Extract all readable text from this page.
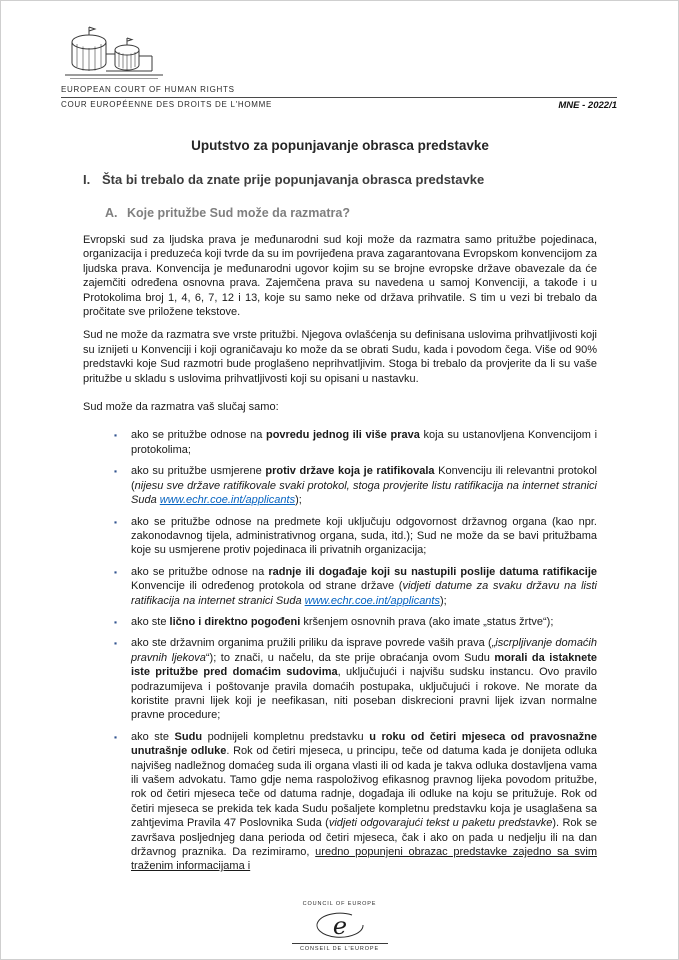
EUROPEAN COURT OF HUMAN RIGHTS
COUR EUROPÉENNE DES DROITS DE L'HOMME	MNE - 2022/1
Uputstvo za popunjavanje obrasca predstavke
I. Šta bi trebalo da znate prije popunjavanja obrasca predstavke
A. Koje pritužbe Sud može da razmatra?

Evropski sud za ljudska prava je međunarodni sud koji može da razmatra samo pritužbe pojedinaca, organizacija i preduzeća koji tvrde da su im povrijeđena prava zagarantovana Evropskom konvencijom za ljudska prava. Konvencija je međunarodni ugovor kojim su se brojne evropske države obavezale da će zajemčiti određena osnovna prava. Zajemčena prava su navedena u samoj Konvenciji, a takođe i u Protokolima broj 1, 4, 6, 7, 12 i 13, koje su samo neke od država prihvatile. S tim u vezi bi trebalo da pročitate sve priložene tekstove.

Sud ne može da razmatra sve vrste pritužbi. Njegova ovlašćenja su definisana uslovima prihvatljivosti koji su iznijeti u Konvenciji i koji ograničavaju ko može da se obrati Sudu, kada i povodom čega. Više od 90% predstavki koje Sud razmotri bude proglašeno neprihvatljivim. Stoga bi trebalo da provjerite da li su vaše pritužbe u skladu s uslovima prihvatljivosti koji su opisani u nastavku.

Sud može da razmatra vaš slučaj samo:

▪	ako se pritužbe odnose na povredu jednog ili više prava koja su ustanovljena Konvencijom i protokolima;
▪	ako su pritužbe usmjerene protiv države koja je ratifikovala Konvenciju ili relevantni protokol (nijesu sve države ratifikovale svaki protokol, stoga provjerite listu ratifikacija na internet stranici Suda www.echr.coe.int/applicants);
▪	ako se pritužbe odnose na predmete koji uključuju odgovornost državnog organa (kao npr. zakonodavnog tijela, administrativnog organa, suda, itd.); Sud ne može da se bavi pritužbama koje su usmjerene protiv pojedinaca ili privatnih organizacija;
▪	ako se pritužbe odnose na radnje ili događaje koji su nastupili poslije datuma ratifikacije Konvencije ili određenog protokola od strane države (vidjeti datume za svaku državu na listi ratifikacija na internet stranici Suda www.echr.coe.int/applicants);
▪	ako ste lično i direktno pogođeni kršenjem osnovnih prava (ako imate „status žrtve“);
▪	ako ste državnim organima pružili priliku da isprave povrede vaših prava („iscrpljivanje domaćih pravnih ljekova“); to znači, u načelu, da ste prije obraćanja ovom Sudu morali da istaknete iste pritužbe pred domaćim sudovima, uključujući i najvišu sudsku instancu. Ovo pravilo podrazumijeva i poštovanje pravila domaćih postupaka, uključujući i rokove. Ne morate da koristite pravni lijek koji je neefikasan, niti poseban diskrecioni pravni lijek izvan normalne pravne procedure;
▪	ako ste Sudu podnijeli kompletnu predstavku u roku od četiri mjeseca od pravosnažne unutrašnje odluke. Rok od četiri mjeseca, u principu, teče od datuma kada je donijeta odluka najvišeg nadležnog domaćeg suda ili organa vlasti ili od kada je takva odluka dostavljena vama ili vašem advokatu. Tamo gdje nema raspoloživog efikasnog pravnog lijeka povodom pritužbe, rok od četiri mjeseca teče od datuma radnje, događaja ili odluke na koju se pritužuje. Rok od četiri mjeseca se prekida tek kada Sudu pošaljete kompletnu predstavku koja je usaglašena sa zahtjevima Pravila 47 Poslovnika Suda (vidjeti odgovarajući tekst u paketu predstavke). Rok se završava posljednjeg dana perioda od četiri mjeseca, čak i ako on pada u nedjelju ili na dan državnog praznika. Da rezimiramo, uredno popunjeni obrazac predstavke zajedno sa svim traženim informacijama i
COUNCIL OF EUROPE
e
CONSEIL DE L'EUROPE
